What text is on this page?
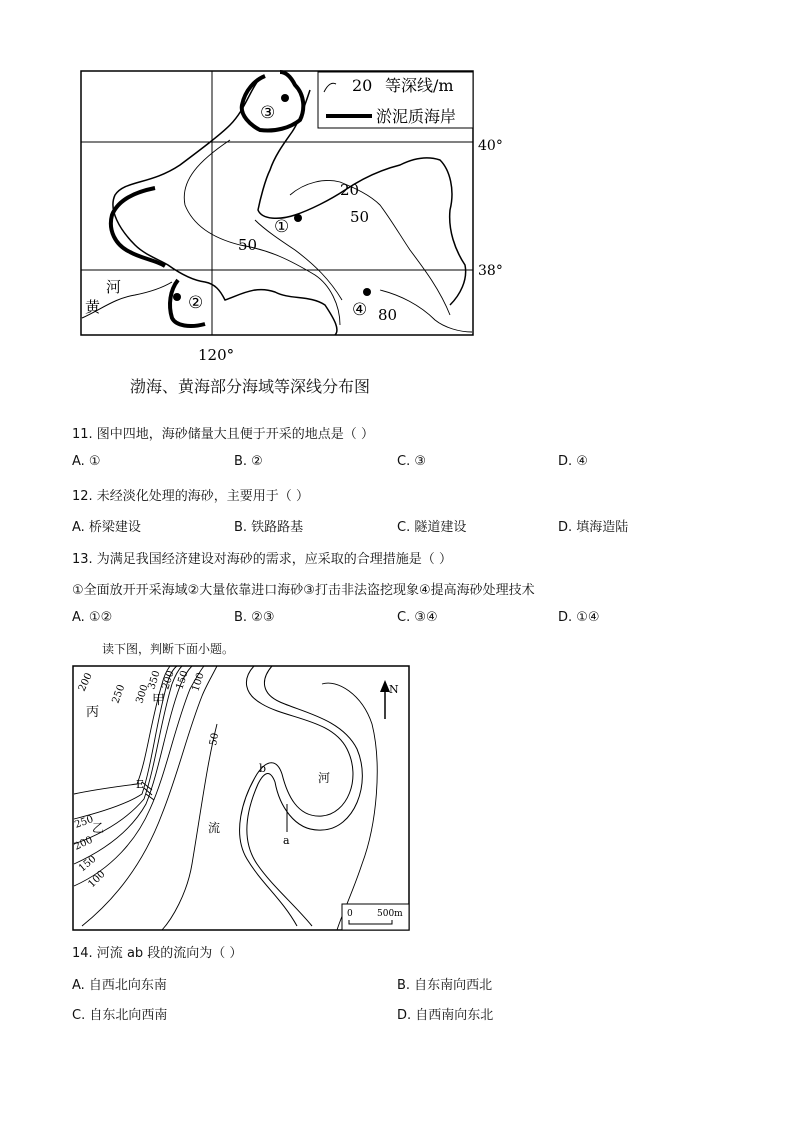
20 等深线/m
淤泥质海岸
40°
38°
120°
河
黄
20
50
50
80
③
①
②	④
渤海、黄海部分海域等深线分布图
11. 图中四地，海砂储量大且便于开采的地点是（ ）
A. ①	B. ②	C. ③	D. ④
12. 未经淡化处理的海砂，主要用于（ ）
A. 桥梁建设	B. 铁路路基	C. 隧道建设	D. 填海造陆
13. 为满足我国经济建设对海砂的需求，应采取的合理措施是（ ）
①全面放开开采海域②大量依靠进口海砂③打击非法盗挖现象④提高海砂处理技术
A. ①②	B. ②③	C. ③④	D. ①④
读下图，判断下面小题。
N
丙
甲
乙
E
b
a
河
流
200
250 300
350
200
150 100
50
250
200
150
100
0	500m
14. 河流 ab 段的流向为（ ）
A. 自西北向东南	B. 自东南向西北
C. 自东北向西南	D. 自西南向东北
